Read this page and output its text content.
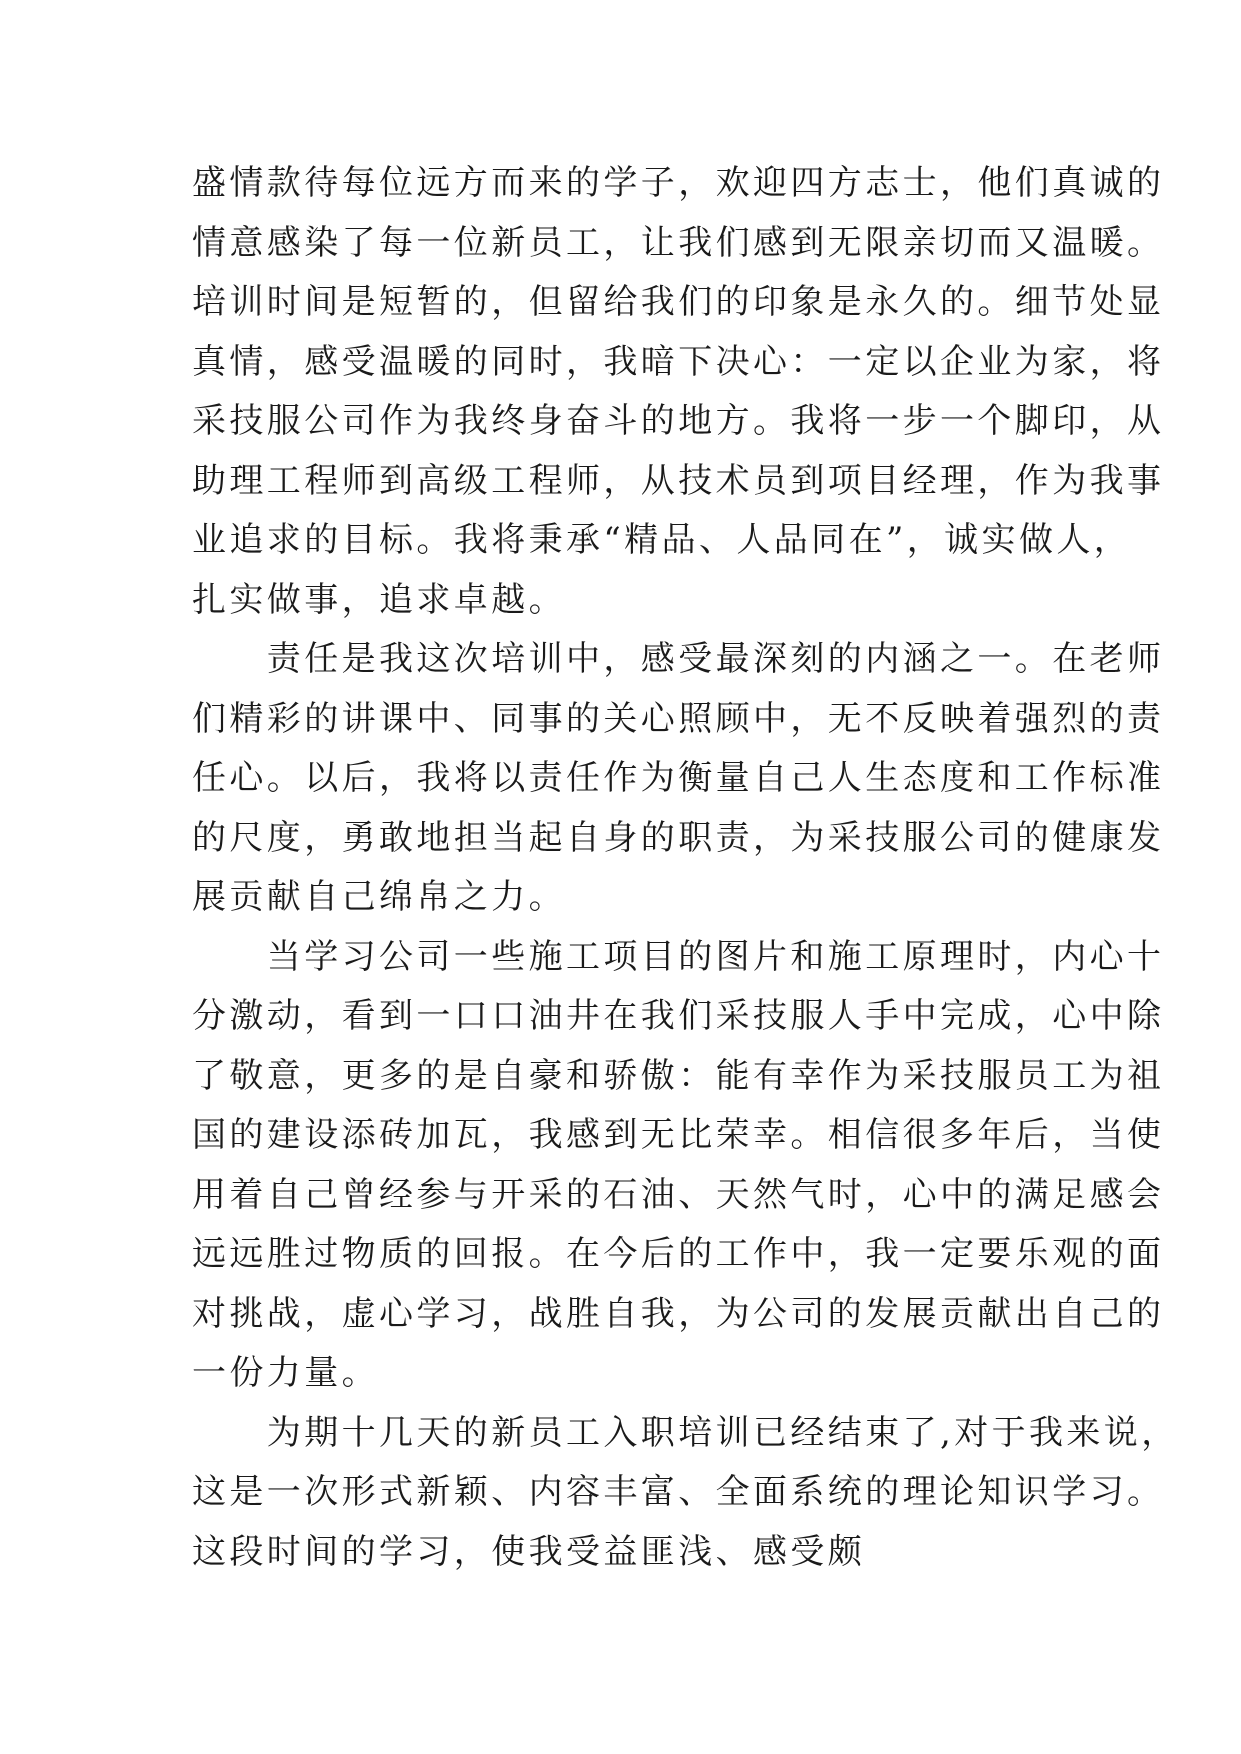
盛情款待每位远方而来的学子，欢迎四方志士，他们真诚的
情意感染了每一位新员工，让我们感到无限亲切而又温暖。
培训时间是短暂的，但留给我们的印象是永久的。细节处显
真情，感受温暖的同时，我暗下决心：一定以企业为家，将
采技服公司作为我终身奋斗的地方。我将一步一个脚印，从
助理工程师到高级工程师，从技术员到项目经理，作为我事
业追求的目标。我将秉承“精品、人品同在”，诚实做人，
扎实做事，追求卓越。
　　责任是我这次培训中，感受最深刻的内涵之一。在老师
们精彩的讲课中、同事的关心照顾中，无不反映着强烈的责
任心。以后，我将以责任作为衡量自己人生态度和工作标准
的尺度，勇敢地担当起自身的职责，为采技服公司的健康发
展贡献自己绵帛之力。
　　当学习公司一些施工项目的图片和施工原理时，内心十
分激动，看到一口口油井在我们采技服人手中完成，心中除
了敬意，更多的是自豪和骄傲：能有幸作为采技服员工为祖
国的建设添砖加瓦，我感到无比荣幸。相信很多年后，当使
用着自己曾经参与开采的石油、天然气时，心中的满足感会
远远胜过物质的回报。在今后的工作中，我一定要乐观的面
对挑战，虚心学习，战胜自我，为公司的发展贡献出自己的
一份力量。
　　为期十几天的新员工入职培训已经结束了,对于我来说，
这是一次形式新颖、内容丰富、全面系统的理论知识学习。
这段时间的学习，使我受益匪浅、感受颇
